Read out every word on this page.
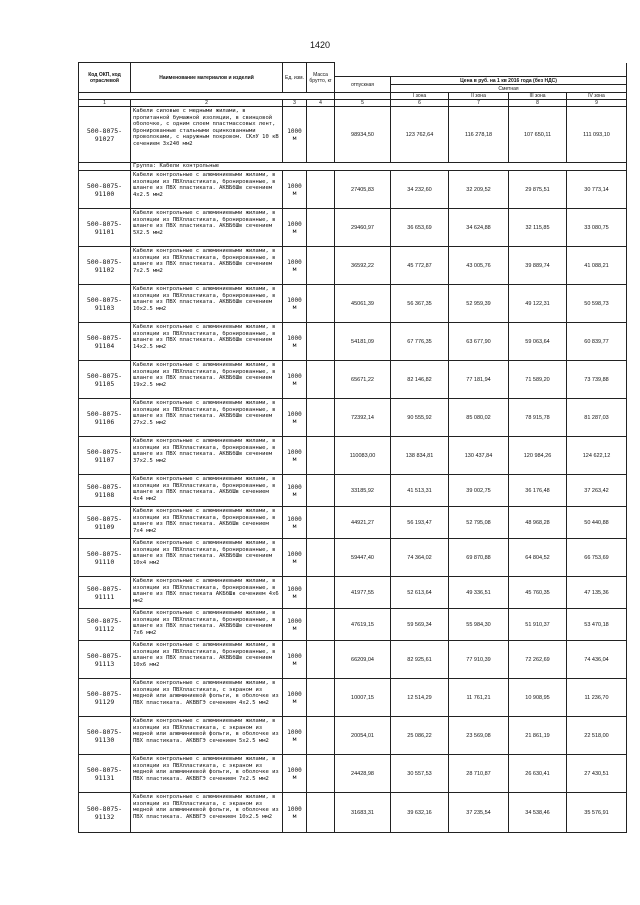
1420
Код ОКП, код отраслевой	Наименование материалов и изделий	Ед. изм.	Масса брутто, кг					
				отпускная	Цена в руб. на 1 кв 2016 года (без НДС)			
					Сметная			
					I зона	II зона	III зона	IV зона
1	2	3	4	5	6	7	8	9
500-8075-91027	Кабели силовые с медными жилами, в пропитанной бумажной изоляции, в свинцовой оболочке, с одним слоем пластмассовых лент, бронированные стальными оцинкованными проволоками, с наружным покровом. СКлУ 10 кВ сечением 3х240 мм2	1000 м		98934,50	123 762,64	116 278,18	107 650,11	111 093,10
	Группа: Кабели контрольные							
500-8075-91100	Кабели контрольные с алюминиевыми жилами, в изоляции из ПВХпластиката, бронированные, в шланге из ПВХ пластиката. АКВБбШв сечением 4х2.5 мм2	1000 м		27405,83	34 232,60	32 209,52	29 875,51	30 773,14
500-8075-91101	Кабели контрольные с алюминиевыми жилами, в изоляции из ПВХпластиката, бронированные, в шланге из ПВХ пластиката. АКВБбШв сечением 5Х2.5 мм2	1000 м		29460,97	36 653,69	34 624,88	32 115,85	33 080,75
500-8075-91102	Кабели контрольные с алюминиевыми жилами, в изоляции из ПВХпластиката, бронированные, в шланге из ПВХ пластиката. АКВБбШв сечением 7х2.5 мм2	1000 м		36592,22	45 772,87	43 005,76	39 889,74	41 088,21
500-8075-91103	Кабели контрольные с алюминиевыми жилами, в изоляции из ПВХпластиката, бронированные, в шланге из ПВХ пластиката. АКВБбШв сечением 10х2.5 мм2	1000 м		45061,39	56 367,35	52 959,39	49 122,31	50 598,73
500-8075-91104	Кабели контрольные с алюминиевыми жилами, в изоляции из ПВХпластиката, бронированные, в шланге из ПВХ пластиката. АКВБбШв сечением 14х2.5 мм2	1000 м		54181,09	67 776,35	63 677,90	59 063,64	60 839,77
500-8075-91105	Кабели контрольные с алюминиевыми жилами, в изоляции из ПВХпластиката, бронированные, в шланге из ПВХ пластиката. АКВБбШв сечением 19х2.5 мм2	1000 м		65671,22	82 146,82	77 181,94	71 589,20	73 739,88
500-8075-91106	Кабели контрольные с алюминиевыми жилами, в изоляции из ПВХпластиката, бронированные, в шланге из ПВХ пластиката. АКВБбШв сечением 27х2.5 мм2	1000 м		72392,14	90 555,92	85 080,02	78 915,78	81 287,03
500-8075-91107	Кабели контрольные с алюминиевыми жилами, в изоляции из ПВХпластиката, бронированные, в шланге из ПВХ пластиката. АКВБбШв сечением 37х2.5 мм2	1000 м		110083,00	138 834,81	130 437,84	120 984,26	124 622,12
500-8075-91108	Кабели контрольные с алюминиевыми жилами, в изоляции из ПВХпластиката, бронированные, в шланге из ПВХ пластиката. АКБбШв сечением 4х4 мм2	1000 м		33185,92	41 513,31	39 002,75	36 176,48	37 263,42
500-8075-91109	Кабели контрольные с алюминиевыми жилами, в изоляции из ПВХпластиката, бронированные, в шланге из ПВХ пластиката. АКБбШв сечением 7х4 мм2	1000 м		44921,27	56 193,47	52 795,08	48 968,28	50 440,88
500-8075-91110	Кабели контрольные с алюминиевыми жилами, в изоляции из ПВХпластиката, бронированные, в шланге из ПВХ пластиката. АКВБбШв сечением 10х4 мм2	1000 м		59447,40	74 364,02	69 870,88	64 804,52	66 753,69
500-8075-91111	Кабели контрольные с алюминиевыми жилами, в изоляции из ПВХпластиката, бронированные, в шланге из ПВХ пластиката АКБбШв сечением 4х6 мм2	1000 м		41977,55	52 613,64	49 336,51	45 760,35	47 135,36
500-8075-91112	Кабели контрольные с алюминиевыми жилами, в изоляции из ПВХпластиката, бронированные, в шланге из ПВХ пластиката. АКВБбШв сечением 7х6 мм2	1000 м		47619,15	59 569,34	55 984,30	51 910,37	53 470,18
500-8075-91113	Кабели контрольные с алюминиевыми жилами, в изоляции из ПВХпластиката, бронированные, в шланге из ПВХ пластиката. АКВБбШв сечением 10х6 мм2	1000 м		66209,04	82 925,61	77 910,39	72 262,69	74 436,04
500-8075-91129	Кабели контрольные с алюминиевыми жилами, в изоляции из ПВХпластиката, с экраном из медной или алюминиевой фольги, в оболочке из ПВХ пластиката. АКВВГЭ сечением 4х2.5 мм2	1000 м		10007,15	12 514,29	11 761,21	10 908,95	11 236,70
500-8075-91130	Кабели контрольные с алюминиевыми жилами, в изоляции из ПВХпластиката, с экраном из медной или алюминиевой фольги, в оболочке из ПВХ пластиката. АКВВГЭ сечением 5х2.5 мм2	1000 м		20054,01	25 086,22	23 569,08	21 861,19	22 518,00
500-8075-91131	Кабели контрольные с алюминиевыми жилами, в изоляции из ПВХпластиката, с экраном из медной или алюминиевой фольги, в оболочке из ПВХ пластиката. АКВВГЭ сечением 7х2.5 мм2	1000 м		24428,98	30 557,53	28 710,87	26 630,41	27 430,51
500-8075-91132	Кабели контрольные с алюминиевыми жилами, в изоляции из ПВХпластиката, с экраном из медной или алюминиевой фольги, в оболочке из ПВХ пластиката. АКВВГЭ сечением 10х2.5 мм2	1000 м		31683,31	39 632,16	37 235,54	34 538,46	35 576,91
